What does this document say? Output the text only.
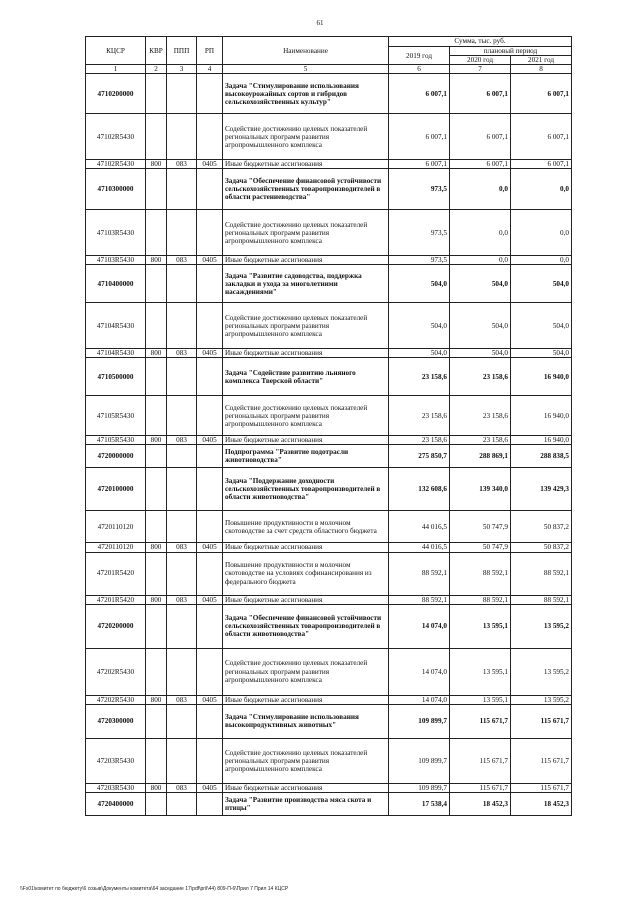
61
КЦСР	КВР	ППП	РП	Наименование	Сумма, тыс. руб.		
					2019 год	плановый период	
						2020 год	2021 год
1	2	3	4	5	6	7	8
4710200000				Задача "Стимулирование использования высокоурожайных сортов и гибридов сельскохозяйственных культур"	6 007,1	6 007,1	6 007,1
47102R5430				Содействие достижению целевых показателей региональных программ развития агропромышленного комплекса	6 007,1	6 007,1	6 007,1
47102R5430	800	083	0405	Иные бюджетные ассигнования	6 007,1	6 007,1	6 007,1
4710300000				Задача "Обеспечение финансовой устойчивости сельскохозяйственных товаропроизводителей в области растениеводства"	973,5	0,0	0,0
47103R5430				Содействие достижению целевых показателей региональных программ развития агропромышленного комплекса	973,5	0,0	0,0
47103R5430	800	083	0405	Иные бюджетные ассигнования	973,5	0,0	0,0
4710400000				Задача "Развитие садоводства, поддержка закладки и ухода за многолетними насаждениями"	504,0	504,0	504,0
47104R5430				Содействие достижению целевых показателей региональных программ развития агропромышленного комплекса	504,0	504,0	504,0
47104R5430	800	083	0405	Иные бюджетные ассигнования	504,0	504,0	504,0
4710500000				Задача "Содействие развитию льняного комплекса Тверской области"	23 158,6	23 158,6	16 940,0
47105R5430				Содействие достижению целевых показателей региональных программ развития агропромышленного комплекса	23 158,6	23 158,6	16 940,0
47105R5430	800	083	0405	Иные бюджетные ассигнования	23 158,6	23 158,6	16 940,0
4720000000				Подпрограмма "Развитие подотрасли животноводства"	275 850,7	288 869,1	288 838,5
4720100000				Задача "Поддержание доходности сельскохозяйственных товаропроизводителей в области животноводства"	132 608,6	139 340,0	139 429,3
4720110120				Повышение продуктивности в молочном скотоводстве за счет средств областного бюджета	44 016,5	50 747,9	50 837,2
4720110120	800	083	0405	Иные бюджетные ассигнования	44 016,5	50 747,9	50 837,2
47201R5420				Повышение продуктивности в молочном скотоводстве на условиях софинансирования из федерального бюджета	88 592,1	88 592,1	88 592,1
47201R5420	800	083	0405	Иные бюджетные ассигнования	88 592,1	88 592,1	88 592,1
4720200000				Задача "Обеспечение финансовой устойчивости сельскохозяйственных товаропроизводителей в области животноводства"	14 074,0	13 595,1	13 595,2
47202R5430				Содействие достижению целевых показателей региональных программ развития агропромышленного комплекса	14 074,0	13 595,1	13 595,2
47202R5430	800	083	0405	Иные бюджетные ассигнования	14 074,0	13 595,1	13 595,2
4720300000				Задача "Стимулирование использования высокопродуктивных животных"	109 899,7	115 671,7	115 671,7
47203R5430				Содействие достижению целевых показателей региональных программ развития агропромышленного комплекса	109 899,7	115 671,7	115 671,7
47203R5430	800	083	0405	Иные бюджетные ассигнования	109 899,7	115 671,7	115 671,7
4720400000				Задача "Развитие производства мяса скота и птицы"	17 538,4	18 452,3	18 452,3
\\Fs01\комитет по бюджету\6 созыв\Документы комитета\64 заседание 17\pdf\pril\44) 809-П-6\Прил 7 Прил 14 КЦСР
